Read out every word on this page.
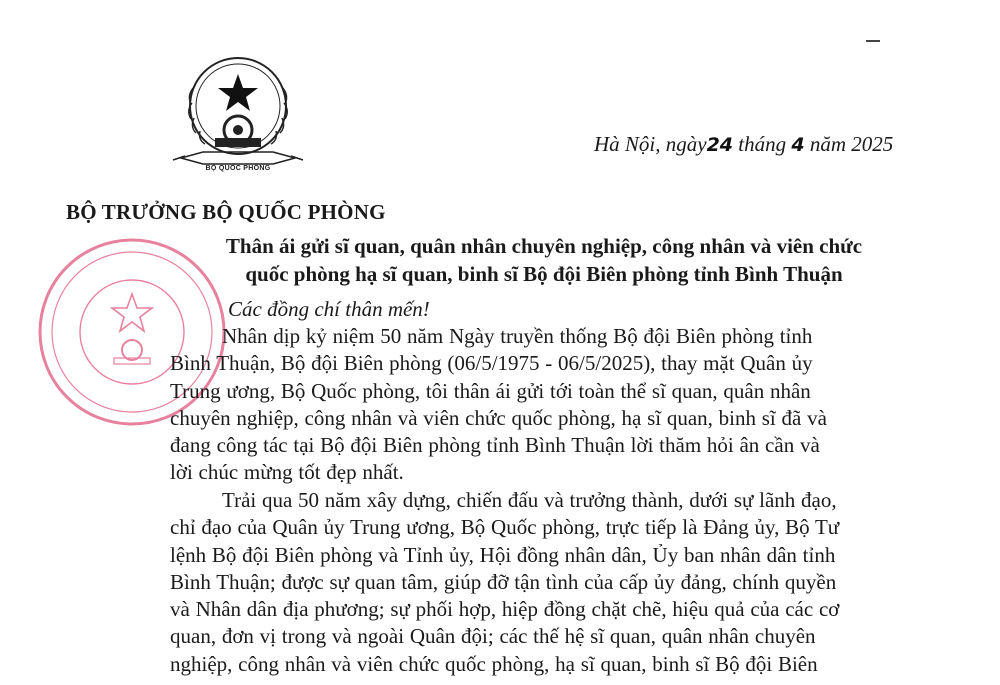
BỘ QUỐC PHÒNG
Hà Nội, ngày24 tháng 4 năm 2025
BỘ TRƯỞNG BỘ QUỐC PHÒNG
Thân ái gửi sĩ quan, quân nhân chuyên nghiệp, công nhân và viên chức
quốc phòng hạ sĩ quan, binh sĩ Bộ đội Biên phòng tỉnh Bình Thuận
Các đồng chí thân mến!
Nhân dịp kỷ niệm 50 năm Ngày truyền thống Bộ đội Biên phòng tỉnh
Bình Thuận, Bộ đội Biên phòng (06/5/1975 - 06/5/2025), thay mặt Quân ủy
Trung ương, Bộ Quốc phòng, tôi thân ái gửi tới toàn thể sĩ quan, quân nhân
chuyên nghiệp, công nhân và viên chức quốc phòng, hạ sĩ quan, binh sĩ đã và
đang công tác tại Bộ đội Biên phòng tỉnh Bình Thuận lời thăm hỏi ân cần và
lời chúc mừng tốt đẹp nhất.
Trải qua 50 năm xây dựng, chiến đấu và trưởng thành, dưới sự lãnh đạo,
chỉ đạo của Quân ủy Trung ương, Bộ Quốc phòng, trực tiếp là Đảng ủy, Bộ Tư
lệnh Bộ đội Biên phòng và Tỉnh ủy, Hội đồng nhân dân, Ủy ban nhân dân tỉnh
Bình Thuận; được sự quan tâm, giúp đỡ tận tình của cấp ủy đảng, chính quyền
và Nhân dân địa phương; sự phối hợp, hiệp đồng chặt chẽ, hiệu quả của các cơ
quan, đơn vị trong và ngoài Quân đội; các thế hệ sĩ quan, quân nhân chuyên
nghiệp, công nhân và viên chức quốc phòng, hạ sĩ quan, binh sĩ Bộ đội Biên
